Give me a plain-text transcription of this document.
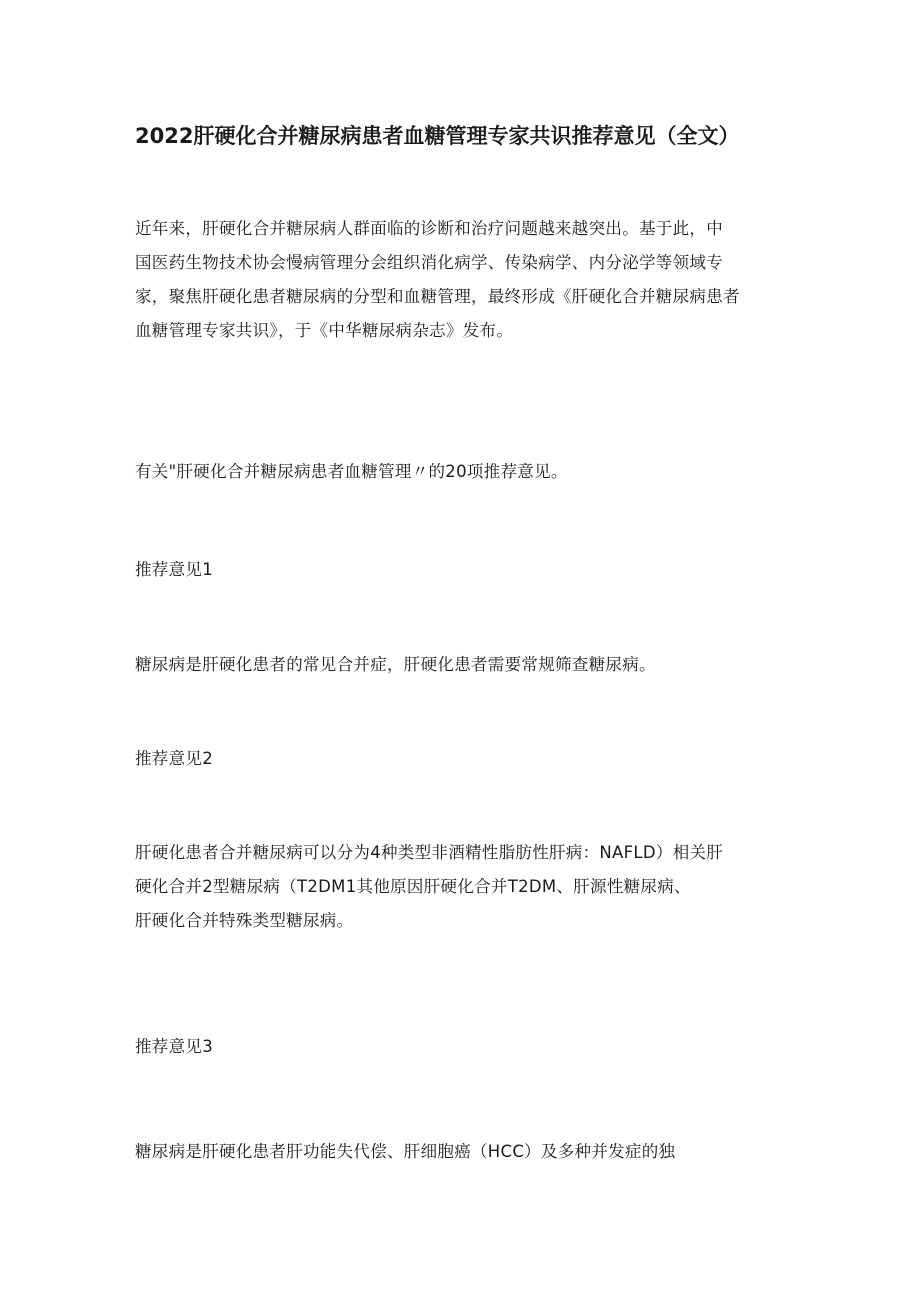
2022肝硬化合并糖尿病患者血糖管理专家共识推荐意见（全文）
近年来，肝硬化合并糖尿病人群面临的诊断和治疗问题越来越突出。基于此，中
国医药生物技术协会慢病管理分会组织消化病学、传染病学、内分泌学等领域专
家，聚焦肝硬化患者糖尿病的分型和血糖管理，最终形成《肝硬化合并糖尿病患者
血糖管理专家共识》，于《中华糖尿病杂志》发布。
有关"肝硬化合并糖尿病患者血糖管理〃的20项推荐意见。
推荐意见1
糖尿病是肝硬化患者的常见合并症，肝硬化患者需要常规筛查糖尿病。
推荐意见2
肝硬化患者合并糖尿病可以分为4种类型非酒精性脂肪性肝病：NAFLD）相关肝
硬化合并2型糖尿病（T2DM1其他原因肝硬化合并T2DM、肝源性糖尿病、
肝硬化合并特殊类型糖尿病。
推荐意见3
糖尿病是肝硬化患者肝功能失代偿、肝细胞癌（HCC）及多种并发症的独
